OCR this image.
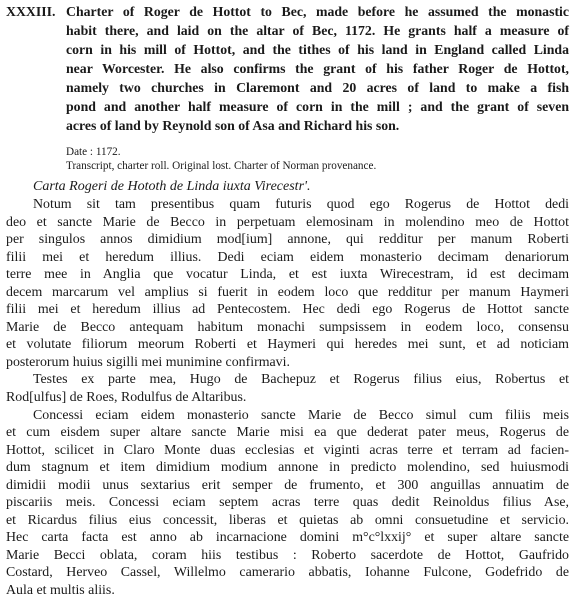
XXXIII. Charter of Roger de Hottot to Bec, made before he assumed the monastic
habit there, and laid on the altar of Bec, 1172. He grants half a measure of
corn in his mill of Hottot, and the tithes of his land in England called Linda
near Worcester. He also confirms the grant of his father Roger de Hottot,
namely two churches in Claremont and 20 acres of land to make a fish
pond and another half measure of corn in the mill ; and the grant of seven
acres of land by Reynold son of Asa and Richard his son.
Date : 1172.
Transcript, charter roll. Original lost. Charter of Norman provenance.
Carta Rogeri de Hototh de Linda iuxta Virecestr'.

Notum sit tam presentibus quam futuris quod ego Rogerus de Hottot dedi
deo et sancte Marie de Becco in perpetuam elemosinam in molendino meo de Hottot
per singulos annos dimidium mod[ium] annone, qui redditur per manum Roberti
filii mei et heredum illius. Dedi eciam eidem monasterio decimam denariorum
terre mee in Anglia que vocatur Linda, et est iuxta Wirecestram, id est decimam
decem marcarum vel amplius si fuerit in eodem loco que redditur per manum Haymeri
filii mei et heredum illius ad Pentecostem. Hec dedi ego Rogerus de Hottot sancte
Marie de Becco antequam habitum monachi sumpsissem in eodem loco, consensu
et volutate filiorum meorum Roberti et Haymeri qui heredes mei sunt, et ad noticiam
posterorum huius sigilli mei munimine confirmavi.

Testes ex parte mea, Hugo de Bachepuz et Rogerus filius eius, Robertus et
Rod[ulfus] de Roes, Rodulfus de Altaribus.

Concessi eciam eidem monasterio sancte Marie de Becco simul cum filiis meis
et cum eisdem super altare sancte Marie misi ea que dederat pater meus, Rogerus de
Hottot, scilicet in Claro Monte duas ecclesias et viginti acras terre et terram ad facien-
dum stagnum et item dimidium modium annone in predicto molendino, sed huiusmodi
dimidii modii unus sextarius erit semper de frumento, et 300 anguillas annuatim de
piscariis meis. Concessi eciam septem acras terre quas dedit Reinoldus filius Ase,
et Ricardus filius eius concessit, liberas et quietas ab omni consuetudine et servicio.
Hec carta facta est anno ab incarnacione domini m°c°lxxij° et super altare sancte
Marie Becci oblata, coram hiis testibus : Roberto sacerdote de Hottot, Gaufrido
Costard, Herveo Cassel, Willelmo camerario abbatis, Iohanne Fulcone, Godefrido de
Aula et multis aliis.
